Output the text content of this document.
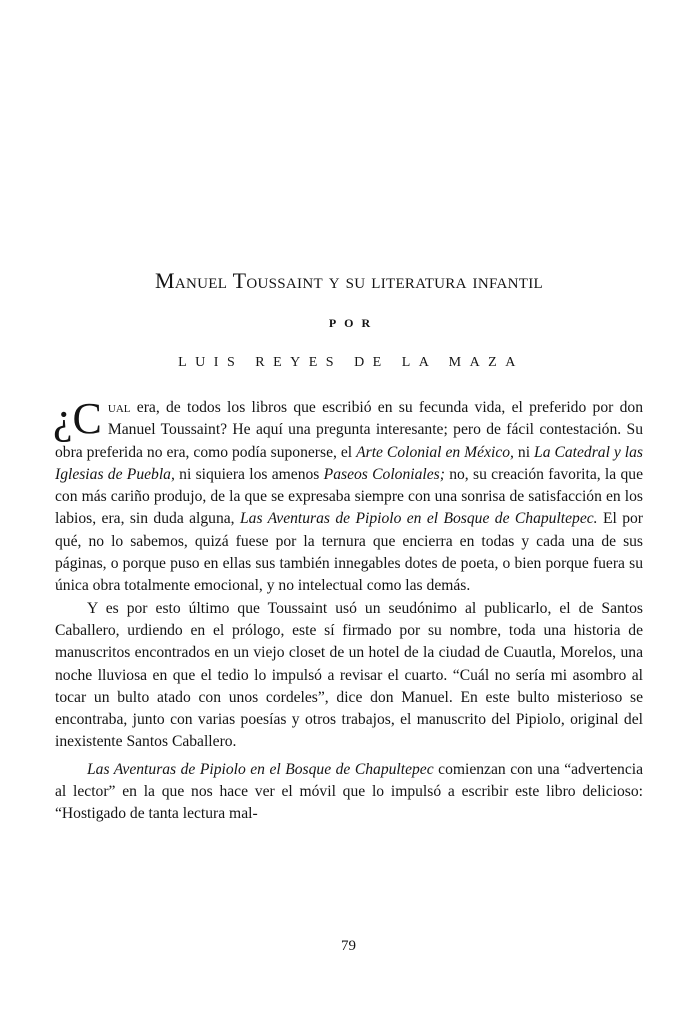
Manuel Toussaint y su literatura infantil
POR
LUIS REYES DE LA MAZA

¿C ual era, de todos los libros que escribió en su fecunda vida, el preferido por don Manuel Toussaint? He aquí una pregunta interesante; pero de fácil contestación. Su obra preferida no era, como podía suponerse, el Arte Colonial en México, ni La Catedral y las Iglesias de Puebla, ni siquiera los amenos Paseos Coloniales; no, su creación favorita, la que con más cariño produjo, de la que se expresaba siempre con una sonrisa de satisfacción en los labios, era, sin duda alguna, Las Aventuras de Pipiolo en el Bosque de Chapultepec. El por qué, no lo sabemos, quizá fuese por la ternura que encierra en todas y cada una de sus páginas, o porque puso en ellas sus también innegables dotes de poeta, o bien porque fuera su única obra totalmente emocional, y no intelectual como las demás.

Y es por esto último que Toussaint usó un seudónimo al publicarlo, el de Santos Caballero, urdiendo en el prólogo, este sí firmado por su nombre, toda una historia de manuscritos encontrados en un viejo closet de un hotel de la ciudad de Cuautla, Morelos, una noche lluviosa en que el tedio lo impulsó a revisar el cuarto. “Cuál no sería mi asombro al tocar un bulto atado con unos cordeles”, dice don Manuel. En este bulto misterioso se encontraba, junto con varias poesías y otros trabajos, el manuscrito del Pipiolo, original del inexistente Santos Caballero.

Las Aventuras de Pipiolo en el Bosque de Chapultepec comienzan con una “advertencia al lector” en la que nos hace ver el móvil que lo impulsó a escribir este libro delicioso: “Hostigado de tanta lectura mal-

79
